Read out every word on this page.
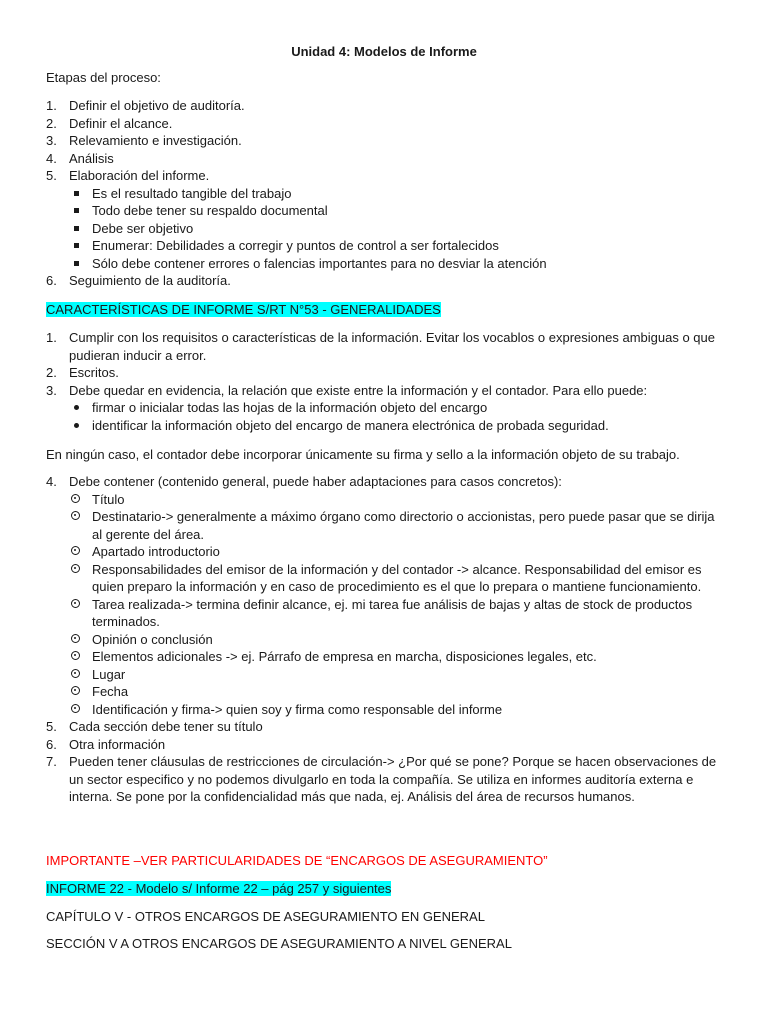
Unidad 4: Modelos de Informe

Etapas del proceso:

1. Definir el objetivo de auditoría.
2. Definir el alcance.
3. Relevamiento e investigación.
4. Análisis
5. Elaboración del informe.
Es el resultado tangible del trabajo
Todo debe tener su respaldo documental
Debe ser objetivo
Enumerar: Debilidades a corregir y puntos de control a ser fortalecidos
Sólo debe contener errores o falencias importantes para no desviar la atención
6. Seguimiento de la auditoría.

CARACTERÍSTICAS DE INFORME S/RT N°53 - GENERALIDADES

1. Cumplir con los requisitos o características de la información. Evitar los vocablos o expresiones ambiguas o que pudieran inducir a error.
2. Escritos.
3. Debe quedar en evidencia, la relación que existe entre la información y el contador. Para ello puede:
firmar o inicialar todas las hojas de la información objeto del encargo
identificar la información objeto del encargo de manera electrónica de probada seguridad.

En ningún caso, el contador debe incorporar únicamente su firma y sello a la información objeto de su trabajo.

4. Debe contener (contenido general, puede haber adaptaciones para casos concretos):
Título
Destinatario-> generalmente a máximo órgano como directorio o accionistas, pero puede pasar que se dirija al gerente del área.
Apartado introductorio
Responsabilidades del emisor de la información y del contador -> alcance. Responsabilidad del emisor es quien preparo la información y en caso de procedimiento es el que lo prepara o mantiene funcionamiento.
Tarea realizada-> termina definir alcance, ej. mi tarea fue análisis de bajas y altas de stock de productos terminados.
Opinión o conclusión
Elementos adicionales -> ej. Párrafo de empresa en marcha, disposiciones legales, etc.
Lugar
Fecha
Identificación y firma-> quien soy y firma como responsable del informe
5. Cada sección debe tener su título
6. Otra información
7. Pueden tener cláusulas de restricciones de circulación-> ¿Por qué se pone? Porque se hacen observaciones de un sector especifico y no podemos divulgarlo en toda la compañía. Se utiliza en informes auditoría externa e interna. Se pone por la confidencialidad más que nada, ej. Análisis del área de recursos humanos.

IMPORTANTE –VER PARTICULARIDADES DE “ENCARGOS DE ASEGURAMIENTO”

INFORME 22 - Modelo s/ Informe 22 – pág 257 y siguientes

CAPÍTULO V - OTROS ENCARGOS DE ASEGURAMIENTO EN GENERAL

SECCIÓN V A OTROS ENCARGOS DE ASEGURAMIENTO A NIVEL GENERAL
